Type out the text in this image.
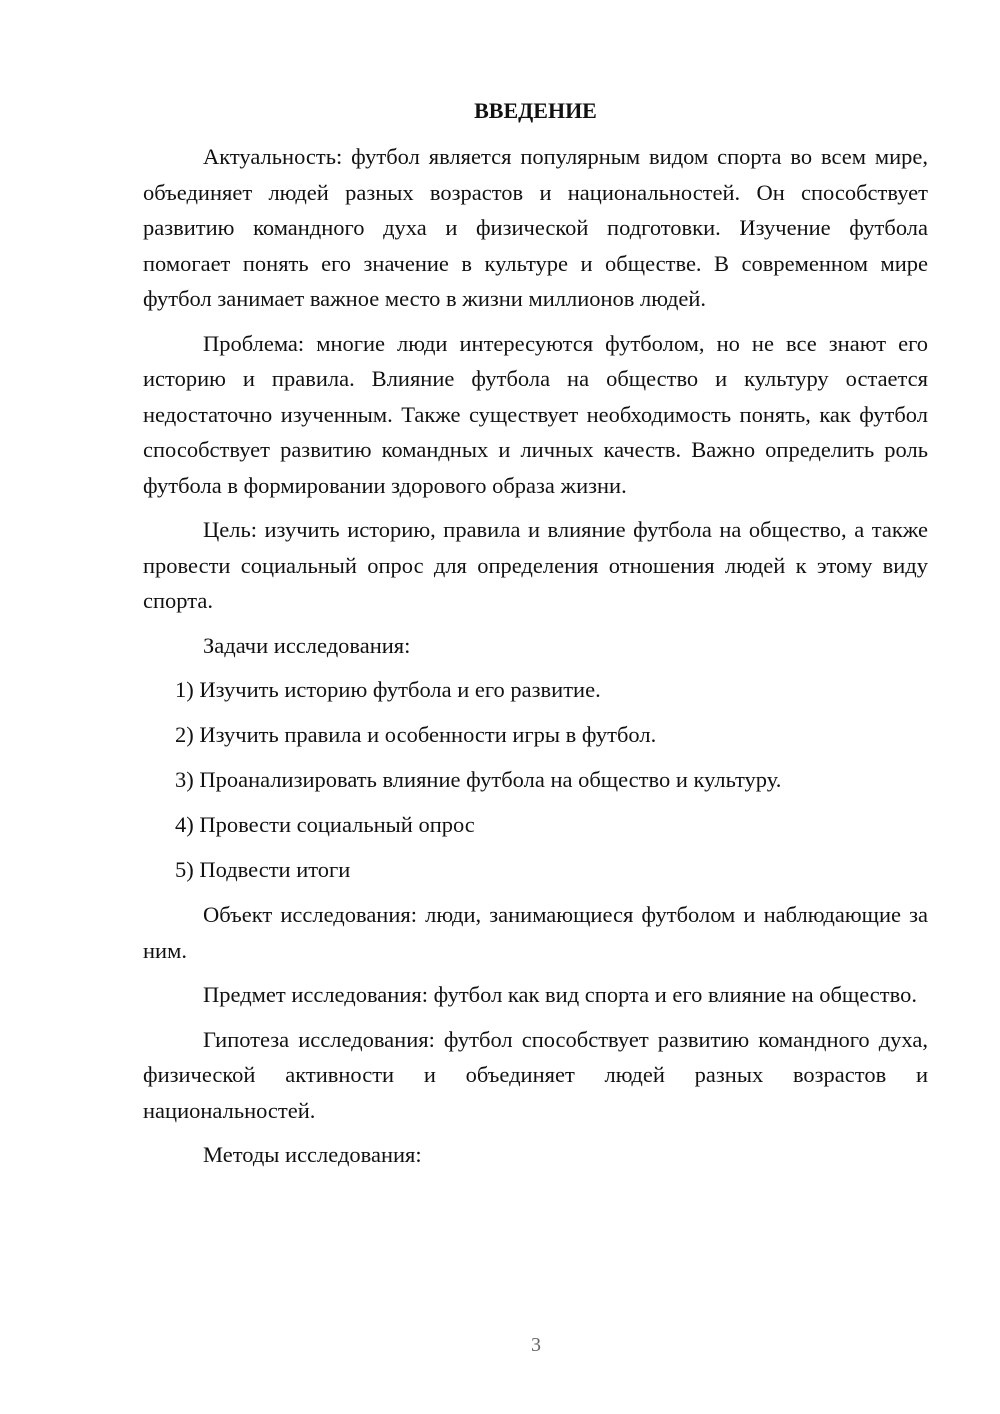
ВВЕДЕНИЕ

Актуальность: футбол является популярным видом спорта во всем мире, объединяет людей разных возрастов и национальностей. Он способствует развитию командного духа и физической подготовки. Изучение футбола помогает понять его значение в культуре и обществе. В современном мире футбол занимает важное место в жизни миллионов людей.

Проблема: многие люди интересуются футболом, но не все знают его историю и правила. Влияние футбола на общество и культуру остается недостаточно изученным. Также существует необходимость понять, как футбол способствует развитию командных и личных качеств. Важно определить роль футбола в формировании здорового образа жизни.

Цель: изучить историю, правила и влияние футбола на общество, а также провести социальный опрос для определения отношения людей к этому виду спорта.

Задачи исследования:

1) Изучить историю футбола и его развитие.
2) Изучить правила и особенности игры в футбол.
3) Проанализировать влияние футбола на общество и культуру.
4) Провести социальный опрос
5) Подвести итоги

Объект исследования: люди, занимающиеся футболом и наблюдающие за ним.

Предмет исследования: футбол как вид спорта и его влияние на общество.

Гипотеза исследования: футбол способствует развитию командного духа, физической активности и объединяет людей разных возрастов и национальностей.

Методы исследования:

3
